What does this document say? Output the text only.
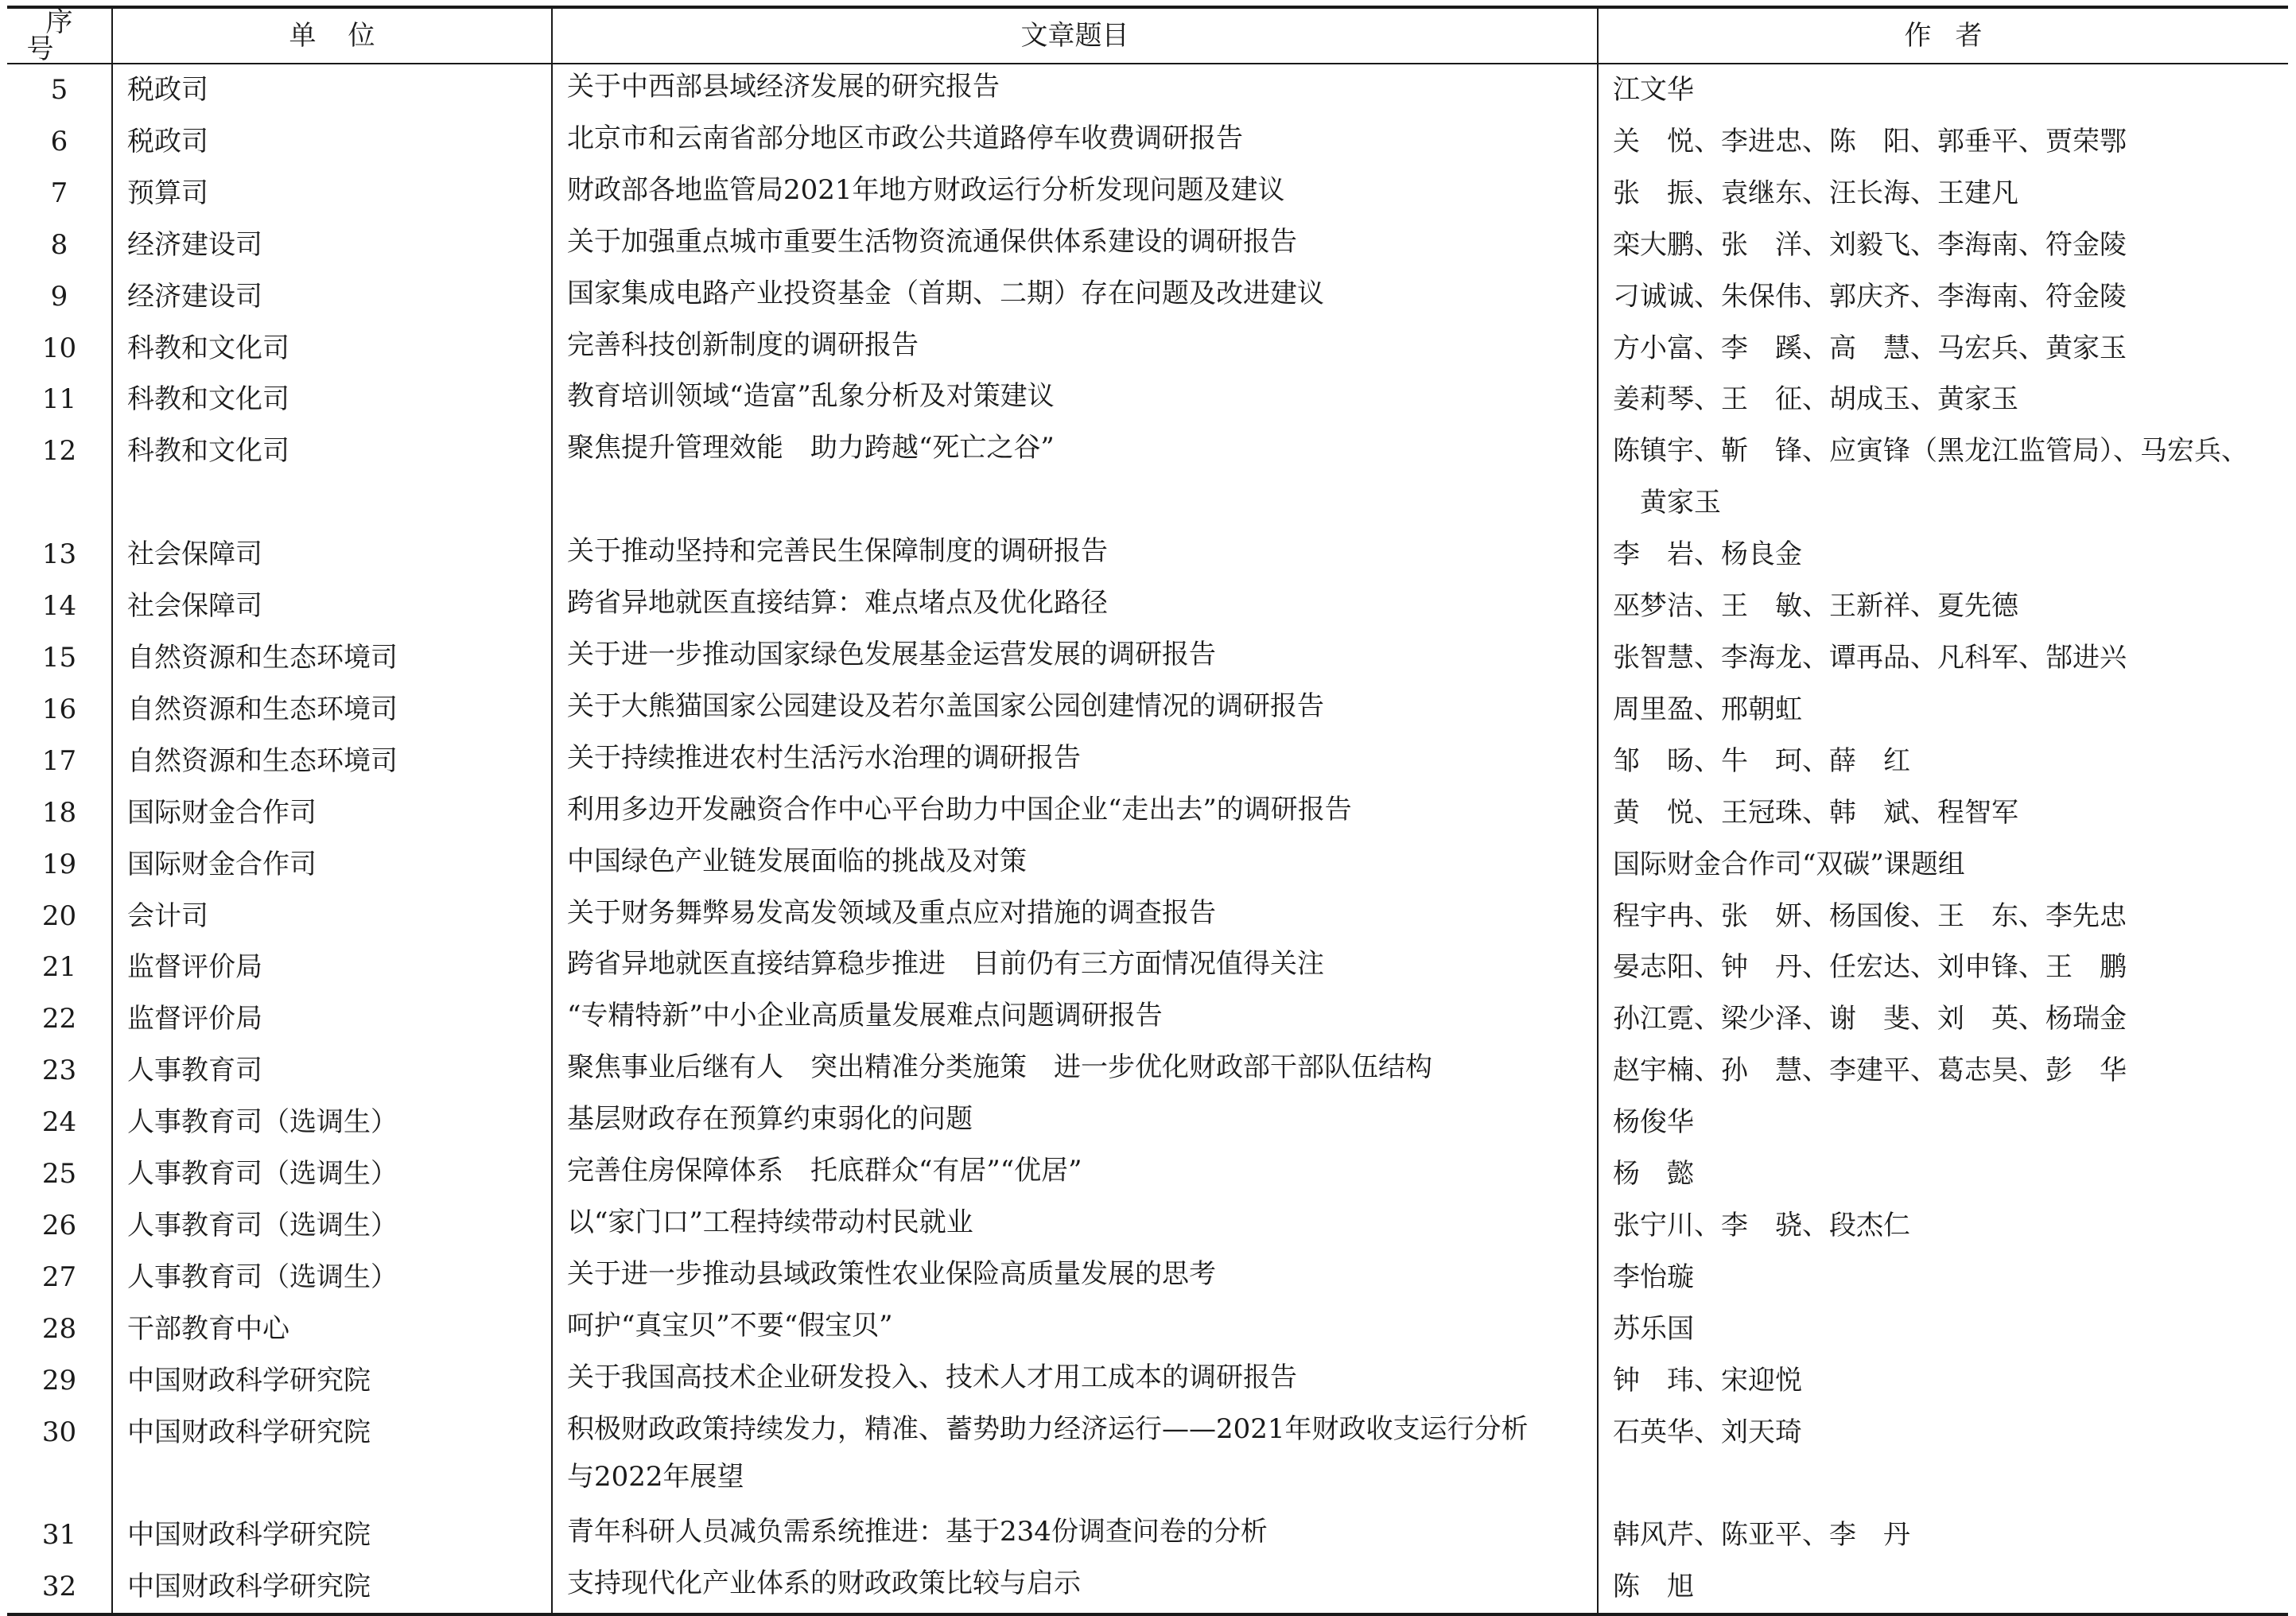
序号	单位	文章题目	作者
5	税政司	关于中西部县域经济发展的研究报告	江文华

6	税政司	北京市和云南省部分地区市政公共道路停车收费调研报告	关　悦、李进忠、陈　阳、郭垂平、贾荣鄂

7	预算司	财政部各地监管局2021年地方财政运行分析发现问题及建议	张　振、袁继东、汪长海、王建凡

8	经济建设司	关于加强重点城市重要生活物资流通保供体系建设的调研报告	栾大鹏、张　洋、刘毅飞、李海南、符金陵

9	经济建设司	国家集成电路产业投资基金（首期、二期）存在问题及改进建议	刁诚诚、朱保伟、郭庆齐、李海南、符金陵

10	科教和文化司	完善科技创新制度的调研报告	方小富、李　蹊、高　慧、马宏兵、黄家玉

11	科教和文化司	教育培训领域“造富”乱象分析及对策建议	姜莉琴、王　征、胡成玉、黄家玉

12	科教和文化司	聚焦提升管理效能　助力跨越“死亡之谷”	陈镇宇、靳　锋、应寅锋（黑龙江监管局）、马宏兵、
　黄家玉

13	社会保障司	关于推动坚持和完善民生保障制度的调研报告	李　岩、杨良金

14	社会保障司	跨省异地就医直接结算：难点堵点及优化路径	巫梦洁、王　敏、王新祥、夏先德

15	自然资源和生态环境司	关于进一步推动国家绿色发展基金运营发展的调研报告	张智慧、李海龙、谭再品、凡科军、郜进兴

16	自然资源和生态环境司	关于大熊猫国家公园建设及若尔盖国家公园创建情况的调研报告	周里盈、邢朝虹

17	自然资源和生态环境司	关于持续推进农村生活污水治理的调研报告	邹　旸、牛　珂、薛　红

18	国际财金合作司	利用多边开发融资合作中心平台助力中国企业“走出去”的调研报告	黄　悦、王冠珠、韩　斌、程智军

19	国际财金合作司	中国绿色产业链发展面临的挑战及对策	国际财金合作司“双碳”课题组

20	会计司	关于财务舞弊易发高发领域及重点应对措施的调查报告	程宇冉、张　妍、杨国俊、王　东、李先忠

21	监督评价局	跨省异地就医直接结算稳步推进　目前仍有三方面情况值得关注	晏志阳、钟　丹、任宏达、刘申锋、王　鹏

22	监督评价局	“专精特新”中小企业高质量发展难点问题调研报告	孙江霓、梁少泽、谢　斐、刘　英、杨瑞金

23	人事教育司	聚焦事业后继有人　突出精准分类施策　进一步优化财政部干部队伍结构	赵宇楠、孙　慧、李建平、葛志昊、彭　华

24	人事教育司（选调生）	基层财政存在预算约束弱化的问题	杨俊华

25	人事教育司（选调生）	完善住房保障体系　托底群众“有居”“优居”	杨　懿

26	人事教育司（选调生）	以“家门口”工程持续带动村民就业	张宁川、李　骁、段杰仁

27	人事教育司（选调生）	关于进一步推动县域政策性农业保险高质量发展的思考	李怡璇

28	干部教育中心	呵护“真宝贝”不要“假宝贝”	苏乐国

29	中国财政科学研究院	关于我国高技术企业研发投入、技术人才用工成本的调研报告	钟　玮、宋迎悦

30	中国财政科学研究院	积极财政政策持续发力，精准、蓄势助力经济运行——2021年财政收支运行分析
与2022年展望	石英华、刘天琦

31	中国财政科学研究院	青年科研人员减负需系统推进：基于234份调查问卷的分析	韩风芹、陈亚平、李　丹

32	中国财政科学研究院	支持现代化产业体系的财政政策比较与启示	陈　旭
